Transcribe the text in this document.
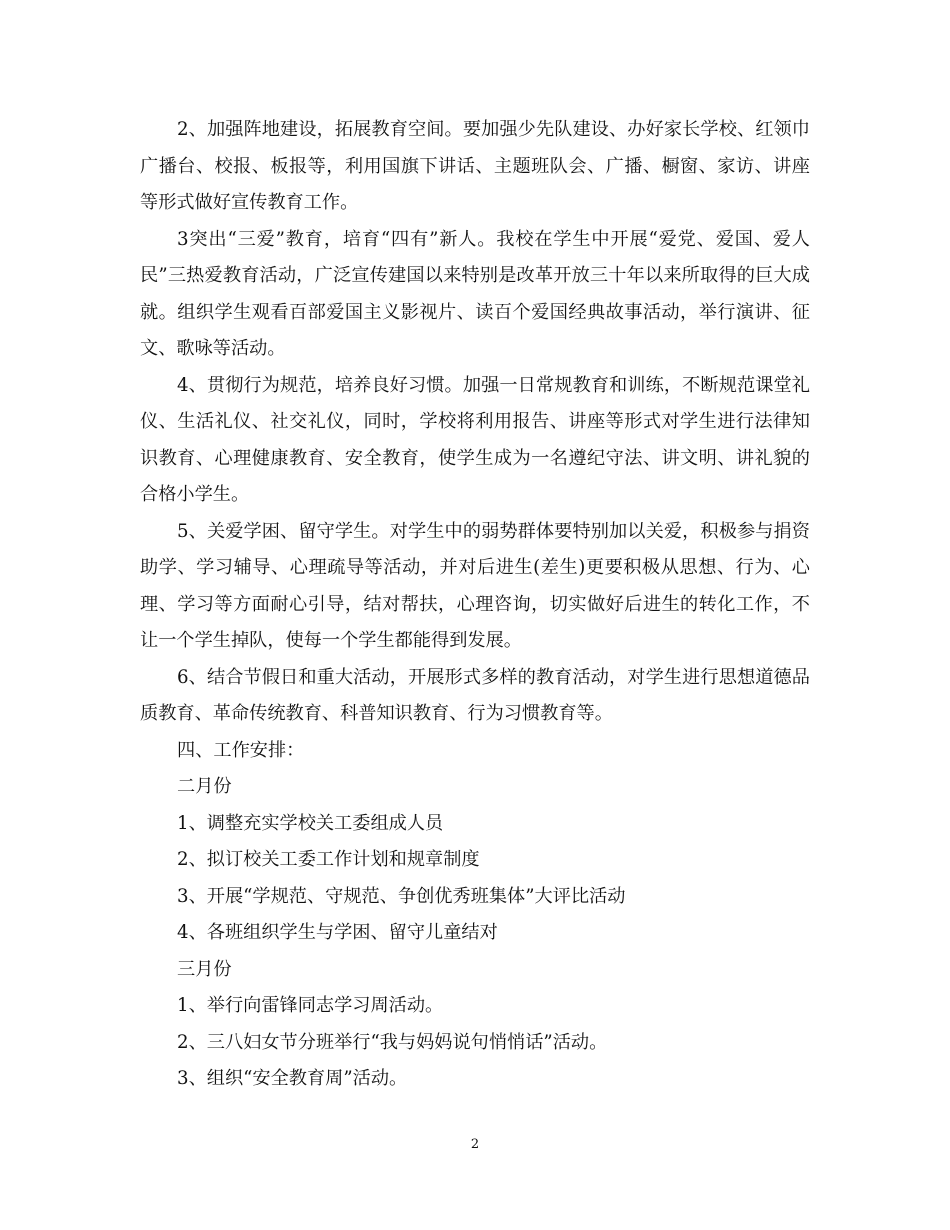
2、加强阵地建设，拓展教育空间。要加强少先队建设、办好家长学校、红领巾广播台、校报、板报等，利用国旗下讲话、主题班队会、广播、橱窗、家访、讲座等形式做好宣传教育工作。

3突出“三爱”教育，培育“四有”新人。我校在学生中开展“爱党、爱国、爱人民”三热爱教育活动，广泛宣传建国以来特别是改革开放三十年以来所取得的巨大成就。组织学生观看百部爱国主义影视片、读百个爱国经典故事活动，举行演讲、征文、歌咏等活动。

4、贯彻行为规范，培养良好习惯。加强一日常规教育和训练，不断规范课堂礼仪、生活礼仪、社交礼仪，同时，学校将利用报告、讲座等形式对学生进行法律知识教育、心理健康教育、安全教育，使学生成为一名遵纪守法、讲文明、讲礼貌的合格小学生。

5、关爱学困、留守学生。对学生中的弱势群体要特别加以关爱，积极参与捐资助学、学习辅导、心理疏导等活动，并对后进生(差生)更要积极从思想、行为、心理、学习等方面耐心引导，结对帮扶，心理咨询，切实做好后进生的转化工作，不让一个学生掉队，使每一个学生都能得到发展。

6、结合节假日和重大活动，开展形式多样的教育活动，对学生进行思想道德品质教育、革命传统教育、科普知识教育、行为习惯教育等。

四、工作安排：

二月份

1、调整充实学校关工委组成人员

2、拟订校关工委工作计划和规章制度

3、开展“学规范、守规范、争创优秀班集体”大评比活动

4、各班组织学生与学困、留守儿童结对

三月份

1、举行向雷锋同志学习周活动。

2、三八妇女节分班举行“我与妈妈说句悄悄话”活动。

3、组织“安全教育周”活动。

2
